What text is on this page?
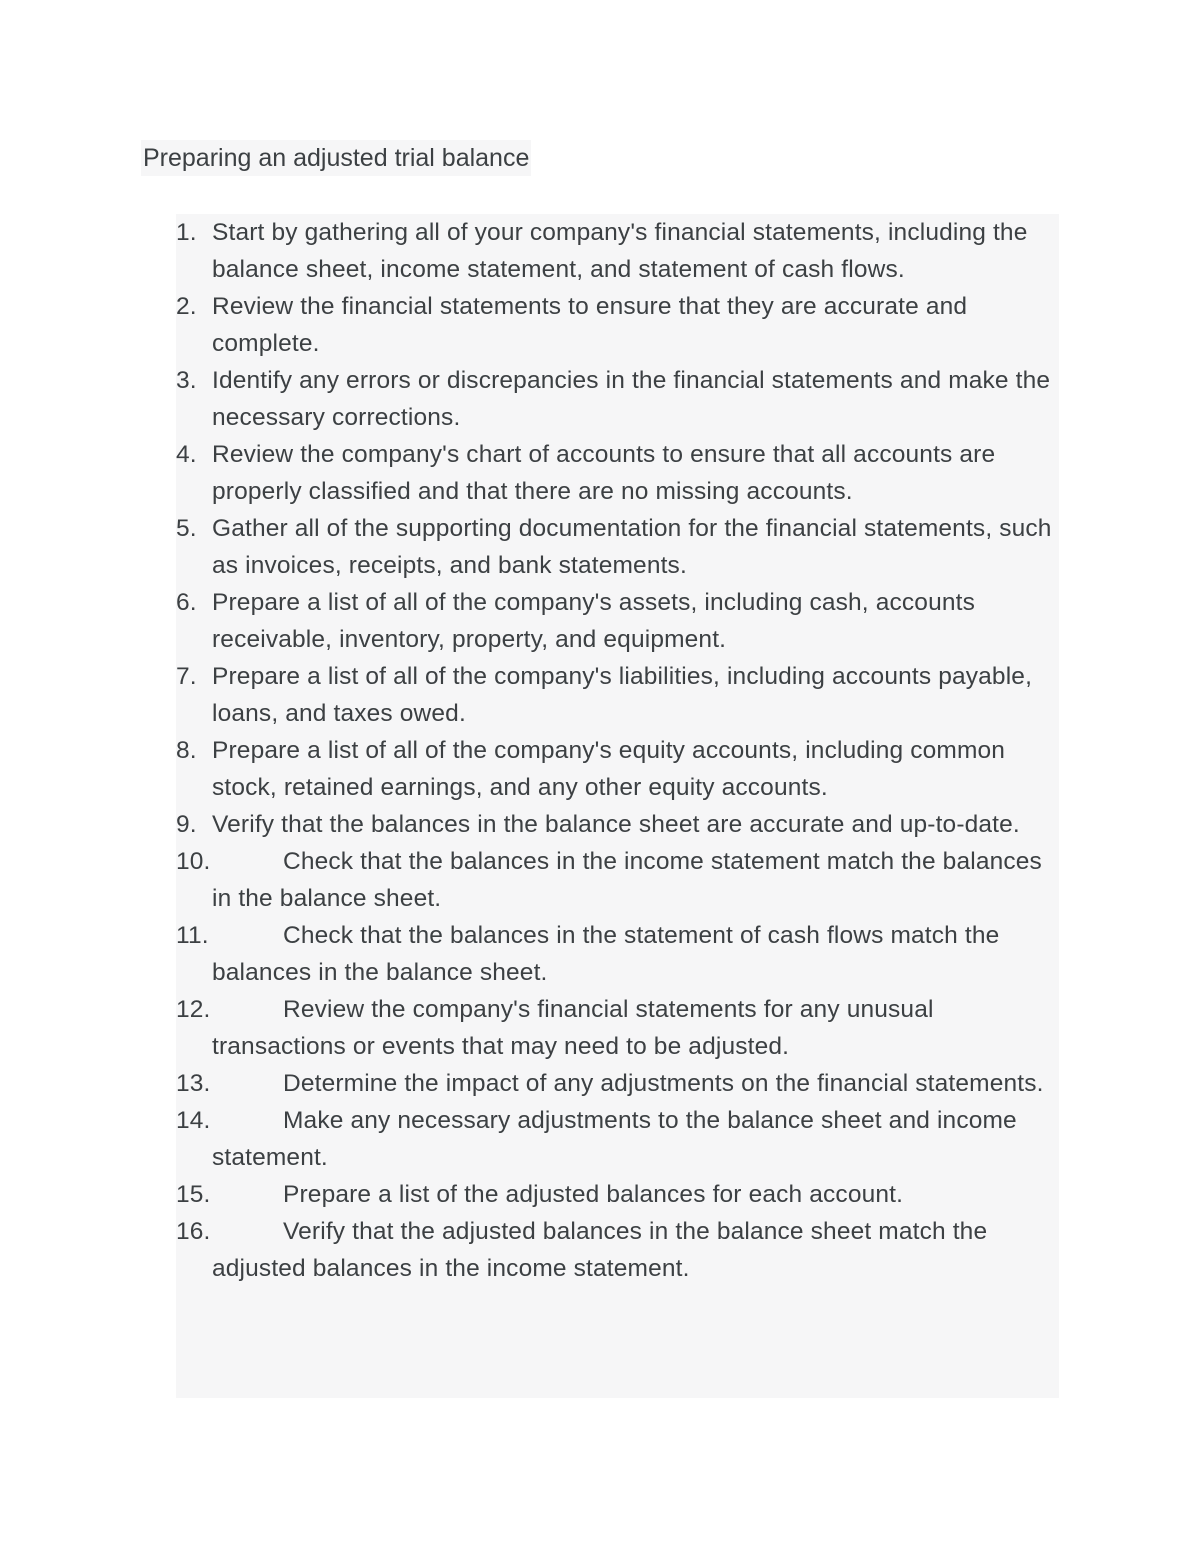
Preparing an adjusted trial balance
1. Start by gathering all of your company's financial statements, including the balance sheet, income statement, and statement of cash flows.
2. Review the financial statements to ensure that they are accurate and complete.
3. Identify any errors or discrepancies in the financial statements and make the necessary corrections.
4. Review the company's chart of accounts to ensure that all accounts are properly classified and that there are no missing accounts.
5. Gather all of the supporting documentation for the financial statements, such as invoices, receipts, and bank statements.
6. Prepare a list of all of the company's assets, including cash, accounts receivable, inventory, property, and equipment.
7. Prepare a list of all of the company's liabilities, including accounts payable, loans, and taxes owed.
8. Prepare a list of all of the company's equity accounts, including common stock, retained earnings, and any other equity accounts.
9. Verify that the balances in the balance sheet are accurate and up-to-date.
10.	Check that the balances in the income statement match the balances in the balance sheet.
11.	Check that the balances in the statement of cash flows match the balances in the balance sheet.
12.	Review the company's financial statements for any unusual transactions or events that may need to be adjusted.
13.	Determine the impact of any adjustments on the financial statements.
14.	Make any necessary adjustments to the balance sheet and income statement.
15.	Prepare a list of the adjusted balances for each account.
16.	Verify that the adjusted balances in the balance sheet match the adjusted balances in the income statement.
